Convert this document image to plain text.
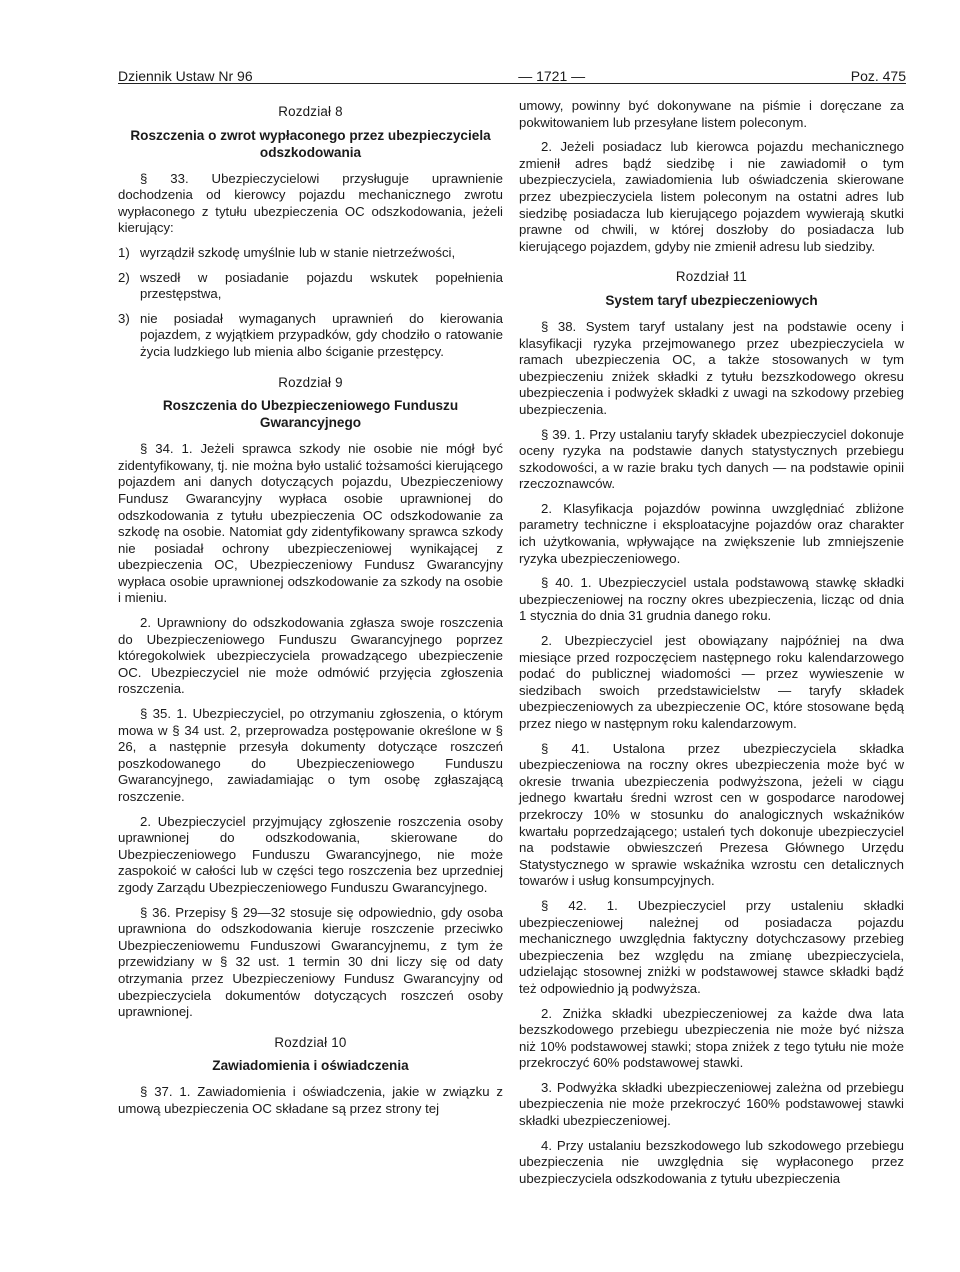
Dziennik Ustaw Nr 96	— 1721 —	Poz. 475
Rozdział 8
Roszczenia o zwrot wypłaconego przez ubezpieczyciela odszkodowania

§ 33. Ubezpieczycielowi przysługuje uprawnienie dochodzenia od kierowcy pojazdu mechanicznego zwrotu wypłaconego z tytułu ubezpieczenia OC odszkodowania, jeżeli kierujący:

1) wyrządził szkodę umyślnie lub w stanie nietrzeźwości,
2) wszedł w posiadanie pojazdu wskutek popełnienia przestępstwa,
3) nie posiadał wymaganych uprawnień do kierowania pojazdem, z wyjątkiem przypadków, gdy chodziło o ratowanie życia ludzkiego lub mienia albo ściganie przestępcy.
Rozdział 9
Roszczenia do Ubezpieczeniowego Funduszu Gwarancyjnego

§ 34. 1. Jeżeli sprawca szkody nie osobie nie mógł być zidentyfikowany, tj. nie można było ustalić tożsamości kierującego pojazdem ani danych dotyczących pojazdu, Ubezpieczeniowy Fundusz Gwarancyjny wypłaca osobie uprawnionej do odszkodowania z tytułu ubezpieczenia OC odszkodowanie za szkodę na osobie. Natomiat gdy zidentyfikowany sprawca szkody nie posiadał ochrony ubezpieczeniowej wynikającej z ubezpieczenia OC, Ubezpieczeniowy Fundusz Gwarancyjny wypłaca osobie uprawnionej odszkodowanie za szkody na osobie i mieniu.

2. Uprawniony do odszkodowania zgłasza swoje roszczenia do Ubezpieczeniowego Funduszu Gwarancyjnego poprzez któregokolwiek ubezpieczyciela prowadzącego ubezpieczenie OC. Ubezpieczyciel nie może odmówić przyjęcia zgłoszenia roszczenia.

§ 35. 1. Ubezpieczyciel, po otrzymaniu zgłoszenia, o którym mowa w § 34 ust. 2, przeprowadza postępowanie określone w § 26, a następnie przesyła dokumenty dotyczące roszczeń poszkodowanego do Ubezpieczeniowego Funduszu Gwarancyjnego, zawiadamiając o tym osobę zgłaszającą roszczenie.

2. Ubezpieczyciel przyjmujący zgłoszenie roszczenia osoby uprawnionej do odszkodowania, skierowane do Ubezpieczeniowego Funduszu Gwarancyjnego, nie może zaspokoić w całości lub w części tego roszczenia bez uprzedniej zgody Zarządu Ubezpieczeniowego Funduszu Gwarancyjnego.

§ 36. Przepisy § 29—32 stosuje się odpowiednio, gdy osoba uprawniona do odszkodowania kieruje roszczenie przeciwko Ubezpieczeniowemu Funduszowi Gwarancyjnemu, z tym że przewidziany w § 32 ust. 1 termin 30 dni liczy się od daty otrzymania przez Ubezpieczeniowy Fundusz Gwarancyjny od ubezpieczyciela dokumentów dotyczących roszczeń osoby uprawnionej.

Rozdział 10
Zawiadomienia i oświadczenia

§ 37. 1. Zawiadomienia i oświadczenia, jakie w związku z umową ubezpieczenia OC składane są przez strony tej

umowy, powinny być dokonywane na piśmie i doręczane za pokwitowaniem lub przesyłane listem poleconym.

2. Jeżeli posiadacz lub kierowca pojazdu mechanicznego zmienił adres bądź siedzibę i nie zawiadomił o tym ubezpieczyciela, zawiadomienia lub oświadczenia skierowane przez ubezpieczyciela listem poleconym na ostatni adres lub siedzibę posiadacza lub kierującego pojazdem wywierają skutki prawne od chwili, w której doszłoby do posiadacza lub kierującego pojazdem, gdyby nie zmienił adresu lub siedziby.

Rozdział 11
System taryf ubezpieczeniowych

§ 38. System taryf ustalany jest na podstawie oceny i klasyfikacji ryzyka przejmowanego przez ubezpieczyciela w ramach ubezpieczenia OC, a także stosowanych w tym ubezpieczeniu zniżek składki z tytułu bezszkodowego okresu ubezpieczenia i podwyżek składki z uwagi na szkodowy przebieg ubezpieczenia.

§ 39. 1. Przy ustalaniu taryfy składek ubezpieczyciel dokonuje oceny ryzyka na podstawie danych statystycznych przebiegu szkodowości, a w razie braku tych danych — na podstawie opinii rzeczoznawców.

2. Klasyfikacja pojazdów powinna uwzględniać zbliżone parametry techniczne i eksploatacyjne pojazdów oraz charakter ich użytkowania, wpływające na zwiększenie lub zmniejszenie ryzyka ubezpieczeniowego.

§ 40. 1. Ubezpieczyciel ustala podstawową stawkę składki ubezpieczeniowej na roczny okres ubezpieczenia, licząc od dnia 1 stycznia do dnia 31 grudnia danego roku.

2. Ubezpieczyciel jest obowiązany najpóźniej na dwa miesiące przed rozpoczęciem następnego roku kalendarzowego podać do publicznej wiadomości — przez wywieszenie w siedzibach swoich przedstawicielstw — taryfy składek ubezpieczeniowych za ubezpieczenie OC, które stosowane będą przez niego w następnym roku kalendarzowym.

§ 41. Ustalona przez ubezpieczyciela składka ubezpieczeniowa na roczny okres ubezpieczenia może być w okresie trwania ubezpieczenia podwyższona, jeżeli w ciągu jednego kwartału średni wzrost cen w gospodarce narodowej przekroczy 10% w stosunku do analogicznych wskaźników kwartału poprzedzającego; ustaleń tych dokonuje ubezpieczyciel na podstawie obwieszczeń Prezesa Głównego Urzędu Statystycznego w sprawie wskaźnika wzrostu cen detalicznych towarów i usług konsumpcyjnych.

§ 42. 1. Ubezpieczyciel przy ustaleniu składki ubezpieczeniowej należnej od posiadacza pojazdu mechanicznego uwzględnia faktyczny dotychczasowy przebieg ubezpieczenia bez względu na zmianę ubezpieczyciela, udzielając stosownej zniżki w podstawowej stawce składki bądź też odpowiednio ją podwyższa.

2. Zniżka składki ubezpieczeniowej za każde dwa lata bezszkodowego przebiegu ubezpieczenia nie może być niższa niż 10% podstawowej stawki; stopa zniżek z tego tytułu nie może przekroczyć 60% podstawowej stawki.

3. Podwyżka składki ubezpieczeniowej zależna od przebiegu ubezpieczenia nie może przekroczyć 160% podstawowej stawki składki ubezpieczeniowej.

4. Przy ustalaniu bezszkodowego lub szkodowego przebiegu ubezpieczenia nie uwzględnia się wypłaconego przez ubezpieczyciela odszkodowania z tytułu ubezpieczenia
